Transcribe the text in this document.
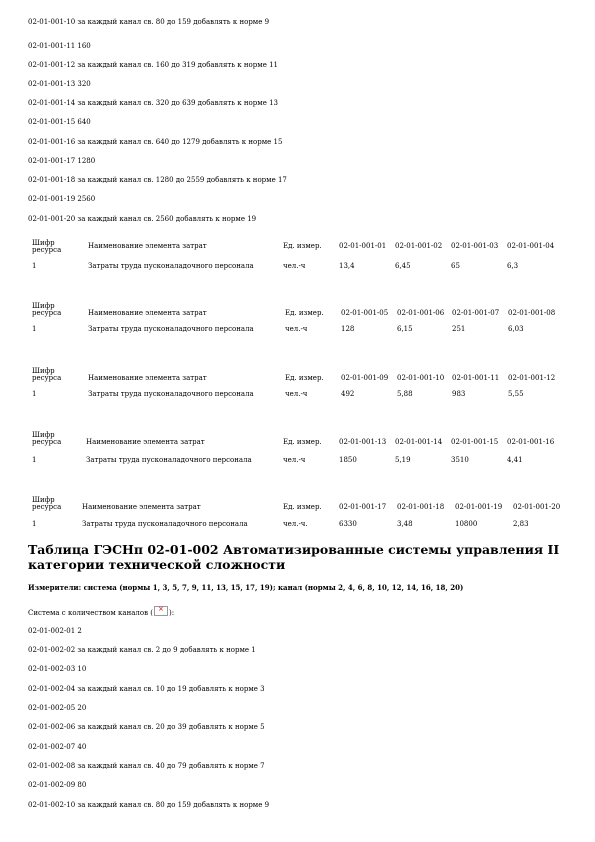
02-01-001-10 за каждый канал св. 80 до 159 добавлять к норме 9
02-01-001-11 160
02-01-001-12 за каждый канал св. 160 до 319 добавлять к норме 11
02-01-001-13 320
02-01-001-14 за каждый канал св. 320 до 639 добавлять к норме 13
02-01-001-15 640
02-01-001-16 за каждый канал св. 640 до 1279 добавлять к норме 15
02-01-001-17 1280
02-01-001-18 за каждый канал св. 1280 до 2559 добавлять к норме 17
02-01-001-19 2560
02-01-001-20 за каждый канал св. 2560 добавлять к норме 19
Шифр
ресурса	Наименование элемента затрат	Ед. измер. 02-01-001-01 02-01-001-02 02-01-001-03 02-01-001-04
1	Затраты труда пусконаладочного персонала	чел.-ч	13,4	6,45	65	6,3
Шифр
ресурса	Наименование элемента затрат	Ед. измер. 02-01-001-05 02-01-001-06 02-01-001-07 02-01-001-08
1	Затраты труда пусконаладочного персонала	чел.-ч	128	6,15	251	6,03
Шифр
ресурса	Наименование элемента затрат	Ед. измер. 02-01-001-09 02-01-001-10 02-01-001-11 02-01-001-12
1	Затраты труда пусконаладочного персонала	чел.-ч	492	5,88	983	5,55
Шифр
ресурса	Наименование элемента затрат	Ед. измер. 02-01-001-13 02-01-001-14 02-01-001-15 02-01-001-16
1	Затраты труда пусконаладочного персонала	чел.-ч	1850	5,19	3510	4,41
Шифр
ресурса	Наименование элемента затрат	Ед. измер. 02-01-001-17 02-01-001-18 02-01-001-19 02-01-001-20
1	Затраты труда пусконаладочного персонала	чел.-ч.	6330	3,48	10800	2,83
Таблица ГЭСНп 02-01-002 Автоматизированные системы управления II категории технической сложности
Измерители: система (нормы 1, 3, 5, 7, 9, 11, 13, 15, 17, 19); канал (нормы 2, 4, 6, 8, 10, 12, 14, 16, 18, 20)
Система с количеством каналов (× ):
02-01-002-01 2
02-01-002-02 за каждый канал св. 2 до 9 добавлять к норме 1
02-01-002-03 10
02-01-002-04 за каждый канал св. 10 до 19 добавлять к норме 3
02-01-002-05 20
02-01-002-06 за каждый канал св. 20 до 39 добавлять к норме 5
02-01-002-07 40
02-01-002-08 за каждый канал св. 40 до 79 добавлять к норме 7
02-01-002-09 80
02-01-002-10 за каждый канал св. 80 до 159 добавлять к норме 9
